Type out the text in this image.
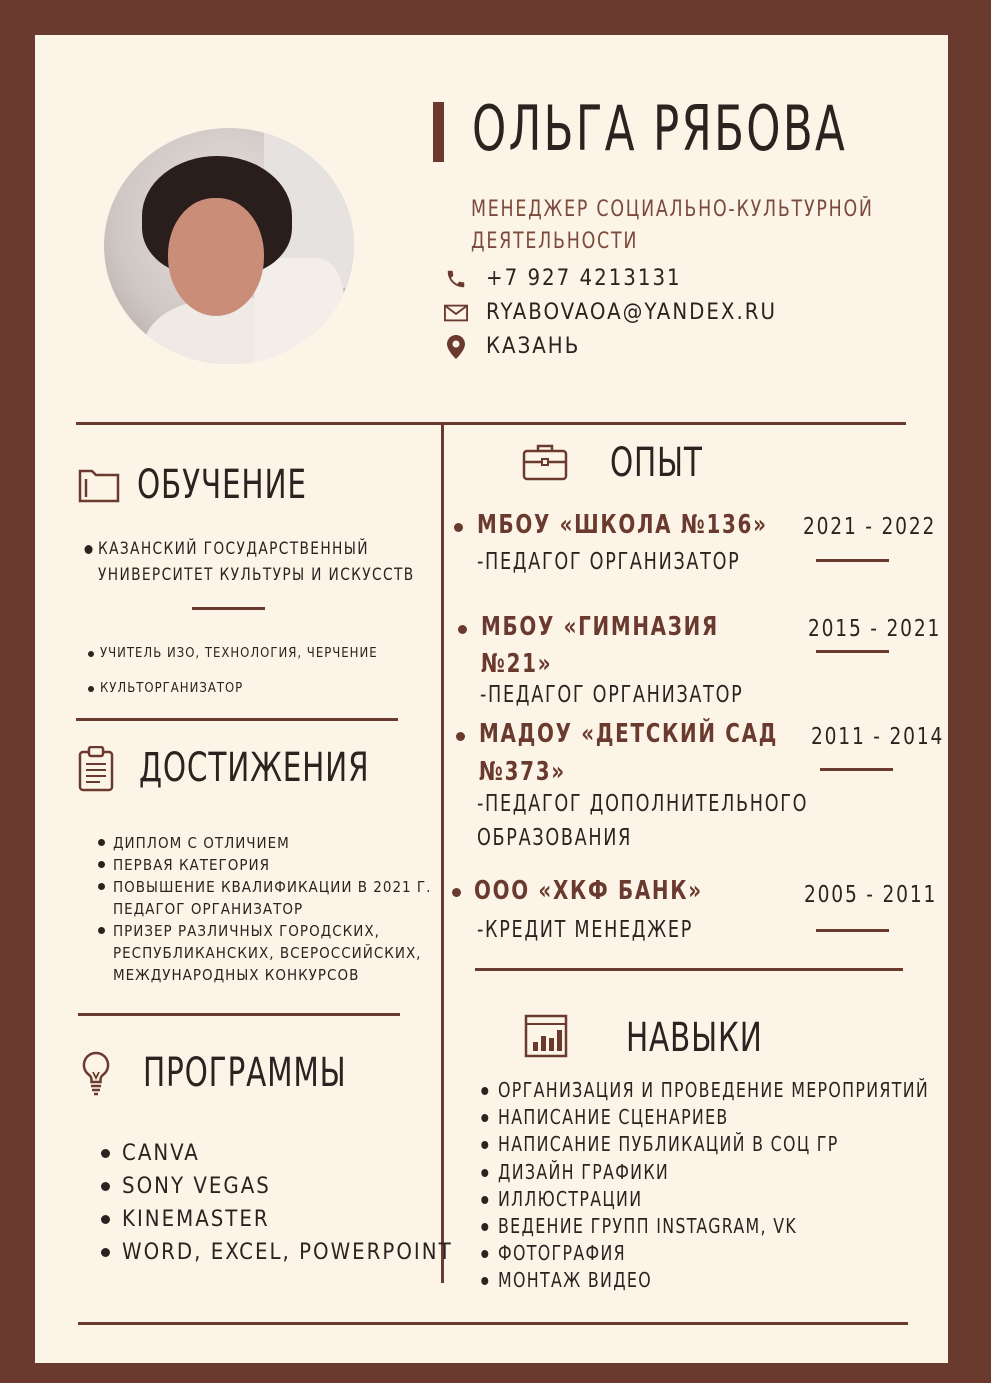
ОЛЬГА РЯБОВА
МЕНЕДЖЕР СОЦИАЛЬНО-КУЛЬТУРНОЙ
ДЕЯТЕЛЬНОСТИ
+7 927 4213131
RYABOVAOA@YANDEX.RU
КАЗАНЬ
ОБУЧЕНИЕ
КАЗАНСКИЙ ГОСУДАРСТВЕННЫЙ
УНИВЕРСИТЕТ КУЛЬТУРЫ И ИСКУССТВ
УЧИТЕЛЬ ИЗО, ТЕХНОЛОГИЯ, ЧЕРЧЕНИЕ
КУЛЬТОРГАНИЗАТОР
ДОСТИЖЕНИЯ
ДИПЛОМ С ОТЛИЧИЕМ
ПЕРВАЯ КАТЕГОРИЯ
ПОВЫШЕНИЕ КВАЛИФИКАЦИИ В 2021 Г.
ПЕДАГОГ ОРГАНИЗАТОР
ПРИЗЕР РАЗЛИЧНЫХ ГОРОДСКИХ,
РЕСПУБЛИКАНСКИХ, ВСЕРОССИЙСКИХ,
МЕЖДУНАРОДНЫХ КОНКУРСОВ
ПРОГРАММЫ
CANVA
SONY VEGAS
KINEMASTER
WORD, EXCEL, POWERPOINT
ОПЫТ
МБОУ «ШКОЛА №136» 2021 - 2022
-ПЕДАГОГ ОРГАНИЗАТОР
МБОУ «ГИМНАЗИЯ
№21»
2015 - 2021
-ПЕДАГОГ ОРГАНИЗАТОР
МАДОУ «ДЕТСКИЙ САД
№373»
2011 - 2014
-ПЕДАГОГ ДОПОЛНИТЕЛЬНОГО
ОБРАЗОВАНИЯ
ООО «ХКФ БАНК»	2005 - 2011
-КРЕДИТ МЕНЕДЖЕР
НАВЫКИ
ОРГАНИЗАЦИЯ И ПРОВЕДЕНИЕ МЕРОПРИЯТИЙ
НАПИСАНИЕ СЦЕНАРИЕВ
НАПИСАНИЕ ПУБЛИКАЦИЙ В СОЦ ГР
ДИЗАЙН ГРАФИКИ
ИЛЛЮСТРАЦИИ
ВЕДЕНИЕ ГРУПП INSTAGRAM, VK
ФОТОГРАФИЯ
МОНТАЖ ВИДЕО
